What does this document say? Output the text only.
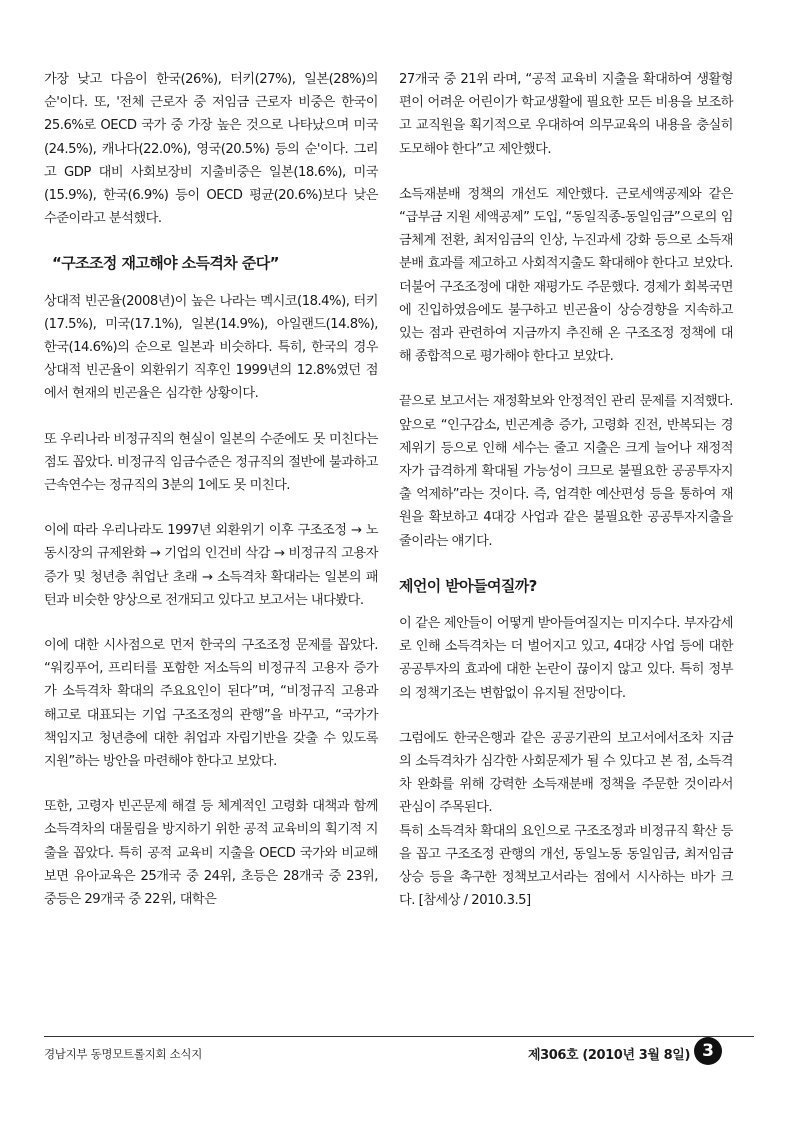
가장 낮고 다음이 한국(26%), 터키(27%), 일본(28%)의 순'이다. 또, '전체 근로자 중 저임금 근로자 비중은 한국이 25.6%로 OECD 국가 중 가장 높은 것으로 나타났으며 미국(24.5%), 캐나다(22.0%), 영국(20.5%) 등의 순'이다. 그리고 GDP 대비 사회보장비 지출비중은 일본(18.6%), 미국(15.9%), 한국(6.9%) 등이 OECD 평균(20.6%)보다 낮은 수준이라고 분석했다.

“구조조정 재고해야 소득격차 준다”

상대적 빈곤율(2008년)이 높은 나라는 멕시코(18.4%), 터키(17.5%), 미국(17.1%), 일본(14.9%), 아일랜드(14.8%), 한국(14.6%)의 순으로 일본과 비슷하다. 특히, 한국의 경우 상대적 빈곤율이 외환위기 직후인 1999년의 12.8%였던 점에서 현재의 빈곤율은 심각한 상황이다.

또 우리나라 비정규직의 현실이 일본의 수준에도 못 미친다는 점도 꼽았다. 비정규직 임금수준은 정규직의 절반에 불과하고 근속연수는 정규직의 3분의 1에도 못 미친다.

이에 따라 우리나라도 1997년 외환위기 이후 구조조정 → 노동시장의 규제완화 → 기업의 인건비 삭감 → 비정규직 고용자 증가 및 청년층 취업난 초래 → 소득격차 확대라는 일본의 패턴과 비슷한 양상으로 전개되고 있다고 보고서는 내다봤다.

이에 대한 시사점으로 먼저 한국의 구조조정 문제를 꼽았다. “워킹푸어, 프리터를 포함한 저소득의 비정규직 고용자 증가가 소득격차 확대의 주요요인이 된다”며, “비정규직 고용과 해고로 대표되는 기업 구조조정의 관행”을 바꾸고, “국가가 책임지고 청년층에 대한 취업과 자립기반을 갖출 수 있도록 지원”하는 방안을 마련해야 한다고 보았다.

또한, 고령자 빈곤문제 해결 등 체계적인 고령화 대책과 함께 소득격차의 대물림을 방지하기 위한 공적 교육비의 획기적 지출을 꼽았다. 특히 공적 교육비 지출을 OECD 국가와 비교해 보면 유아교육은 25개국 중 24위, 초등은 28개국 중 23위, 중등은 29개국 중 22위, 대학은

27개국 중 21위 라며, “공적 교육비 지출을 확대하여 생활형편이 어려운 어린이가 학교생활에 필요한 모든 비용을 보조하고 교직원을 획기적으로 우대하여 의무교육의 내용을 충실히 도모해야 한다”고 제안했다.

소득재분배 정책의 개선도 제안했다. 근로세액공제와 같은 “급부금 지원 세액공제” 도입, “동일직종-동일임금”으로의 임금체계 전환, 최저임금의 인상, 누진과세 강화 등으로 소득재분배 효과를 제고하고 사회적지출도 확대해야 한다고 보았다. 더불어 구조조정에 대한 재평가도 주문했다. 경제가 회복국면에 진입하였음에도 불구하고 빈곤율이 상승경향을 지속하고 있는 점과 관련하여 지금까지 추진해 온 구조조정 정책에 대해 종합적으로 평가해야 한다고 보았다.

끝으로 보고서는 재정확보와 안정적인 관리 문제를 지적했다. 앞으로 “인구감소, 빈곤계층 증가, 고령화 진전, 반복되는 경제위기 등으로 인해 세수는 줄고 지출은 크게 늘어나 재정적자가 급격하게 확대될 가능성이 크므로 불필요한 공공투자지출 억제하”라는 것이다. 즉, 엄격한 예산편성 등을 통하여 재원을 확보하고 4대강 사업과 같은 불필요한 공공투자지출을 줄이라는 얘기다.

제언이 받아들여질까?

이 같은 제안들이 어떻게 받아들여질지는 미지수다. 부자감세로 인해 소득격차는 더 벌어지고 있고, 4대강 사업 등에 대한 공공투자의 효과에 대한 논란이 끊이지 않고 있다. 특히 정부의 정책기조는 변함없이 유지될 전망이다.

그럼에도 한국은행과 같은 공공기관의 보고서에서조차 지금의 소득격차가 심각한 사회문제가 될 수 있다고 본 점, 소득격차 완화를 위해 강력한 소득재분배 정책을 주문한 것이라서 관심이 주목된다.

특히 소득격차 확대의 요인으로 구조조정과 비정규직 확산 등을 꼽고 구조조정 관행의 개선, 동일노동 동일임금, 최저임금 상승 등을 촉구한 정책보고서라는 점에서 시사하는 바가 크다. [참세상 / 2010.3.5]

경남지부 동명모트롤지회 소식지	제306호 (2010년 3월 8일) 3
